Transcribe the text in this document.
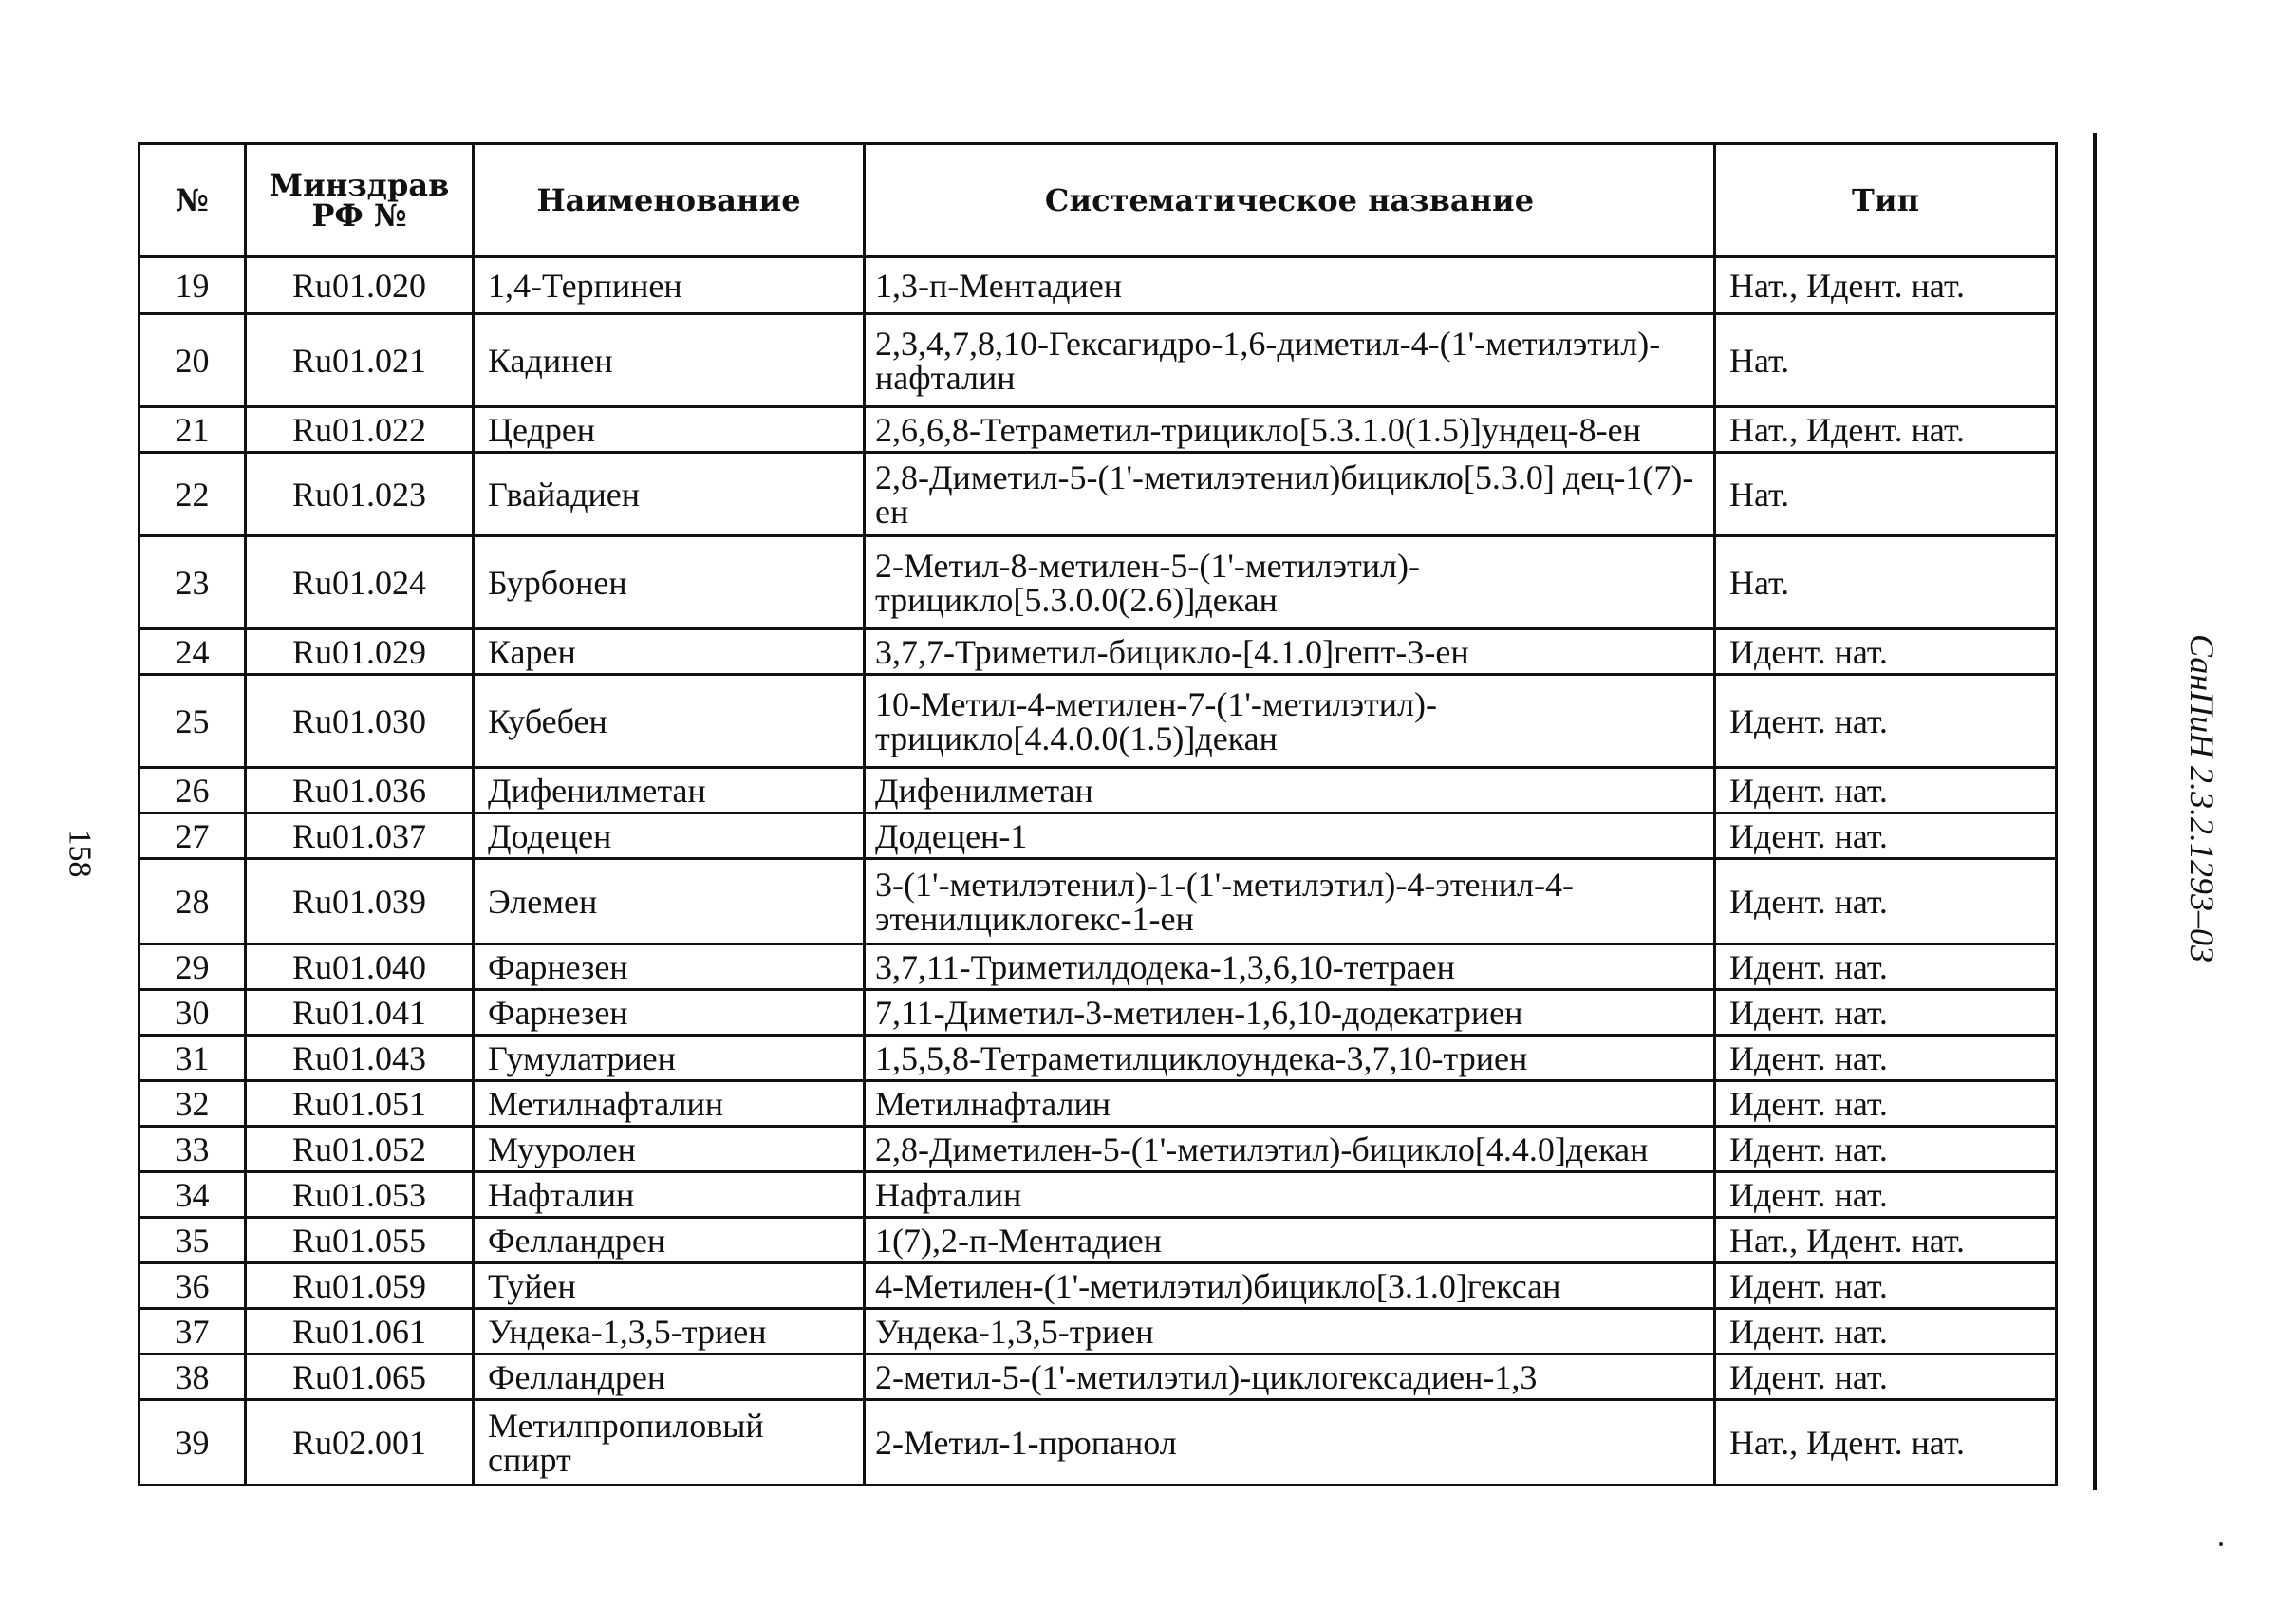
158	СанПиН 2.3.2.1293–03
№	Минздрав РФ №	Наименование	Систематическое название	Тип
19	Ru01.020	1,4-Терпинен	1,3-п-Ментадиен	Нат., Идент. нат.
20	Ru01.021	Кадинен	2,3,4,7,8,10-Гексагидро-1,6-диметил-4-(1'-метилэтил)-нафталин	Нат.
21	Ru01.022	Цедрен	2,6,6,8-Тетраметил-трицикло[5.3.1.0(1.5)]ундец-8-ен	Нат., Идент. нат.
22	Ru01.023	Гвайадиен	2,8-Диметил-5-(1'-метилэтенил)бицикло[5.3.0] дец-1(7)-ен	Нат.
23	Ru01.024	Бурбонен	2-Метил-8-метилен-5-(1'-метилэтил)-трицикло[5.3.0.0(2.6)]декан	Нат.
24	Ru01.029	Карен	3,7,7-Триметил-бицикло-[4.1.0]гепт-3-ен	Идент. нат.
25	Ru01.030	Кубебен	10-Метил-4-метилен-7-(1'-метилэтил)-трицикло[4.4.0.0(1.5)]декан	Идент. нат.
26	Ru01.036	Дифенилметан	Дифенилметан	Идент. нат.
27	Ru01.037	Додецен	Додецен-1	Идент. нат.
28	Ru01.039	Элемен	3-(1'-метилэтенил)-1-(1'-метилэтил)-4-этенил-4-этенилциклогекс-1-ен	Идент. нат.
29	Ru01.040	Фарнезен	3,7,11-Триметилдодека-1,3,6,10-тетраен	Идент. нат.
30	Ru01.041	Фарнезен	7,11-Диметил-3-метилен-1,6,10-додекатриен	Идент. нат.
31	Ru01.043	Гумулатриен	1,5,5,8-Тетраметилциклоундека-3,7,10-триен	Идент. нат.
32	Ru01.051	Метилнафталин	Метилнафталин	Идент. нат.
33	Ru01.052	Мууролен	2,8-Диметилен-5-(1'-метилэтил)-бицикло[4.4.0]декан	Идент. нат.
34	Ru01.053	Нафталин	Нафталин	Идент. нат.
35	Ru01.055	Фелландрен	1(7),2-п-Ментадиен	Нат., Идент. нат.
36	Ru01.059	Туйен	4-Метилен-(1'-метилэтил)бицикло[3.1.0]гексан	Идент. нат.
37	Ru01.061	Ундека-1,3,5-триен	Ундека-1,3,5-триен	Идент. нат.
38	Ru01.065	Фелландрен	2-метил-5-(1'-метилэтил)-циклогексадиен-1,3	Идент. нат.
39	Ru02.001	Метилпропиловый спирт	2-Метил-1-пропанол	Нат., Идент. нат.
